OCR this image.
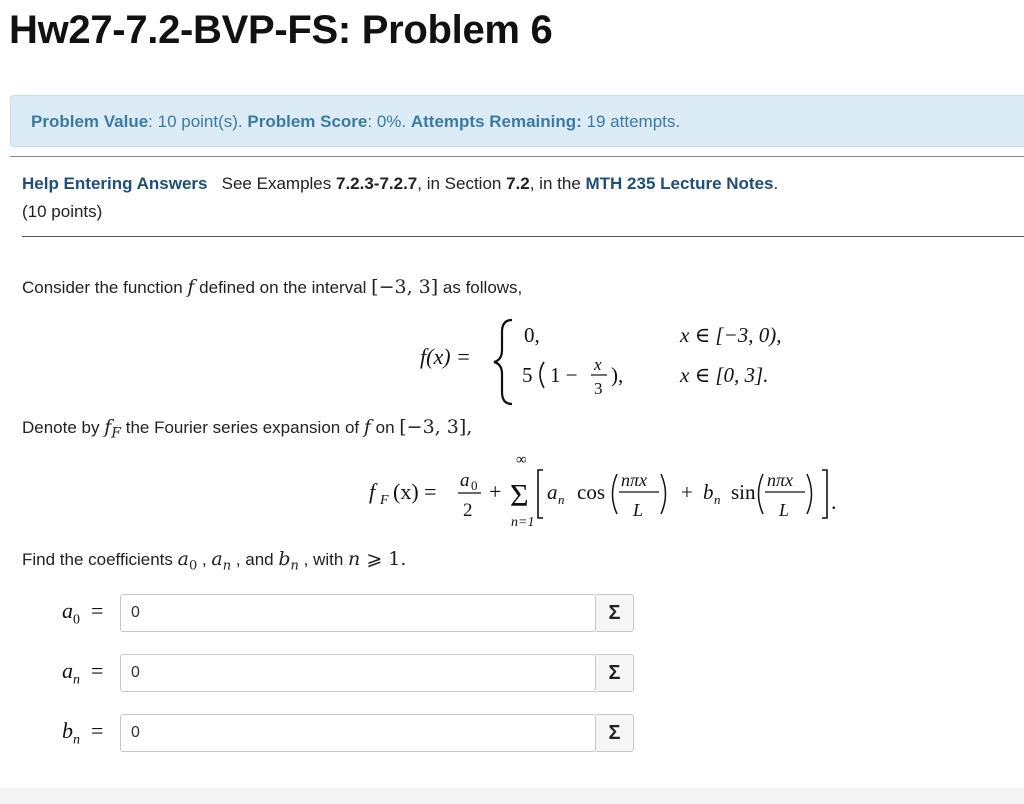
Hw27-7.2-BVP-FS: Problem 6
Problem Value: 10 point(s). Problem Score: 0%. Attempts Remaining: 19 attempts.
Help Entering Answers See Examples 7.2.3-7.2.7, in Section 7.2, in the MTH 235 Lecture Notes.
(10 points)
Consider the function f defined on the interval [−3, 3] as follows,
f(x) =
0,	x ∈ [−3, 0),
5 1 − x
3
),	x ∈ [0, 3].
Denote by $f_F$ the Fourier series expansion of f on [−3, 3],
f F (x) = a 0
2
+
∞
Σ
n=1
a n cos nπx
L
+ b n sin nπx
L .
Find the coefficients $a_0$ , $a_n$ , and $b_n$ , with n ⩾ 1.
$a_0$ =
0	Σ
$a_n$ =
0	Σ
$b_n$ =
0	Σ
